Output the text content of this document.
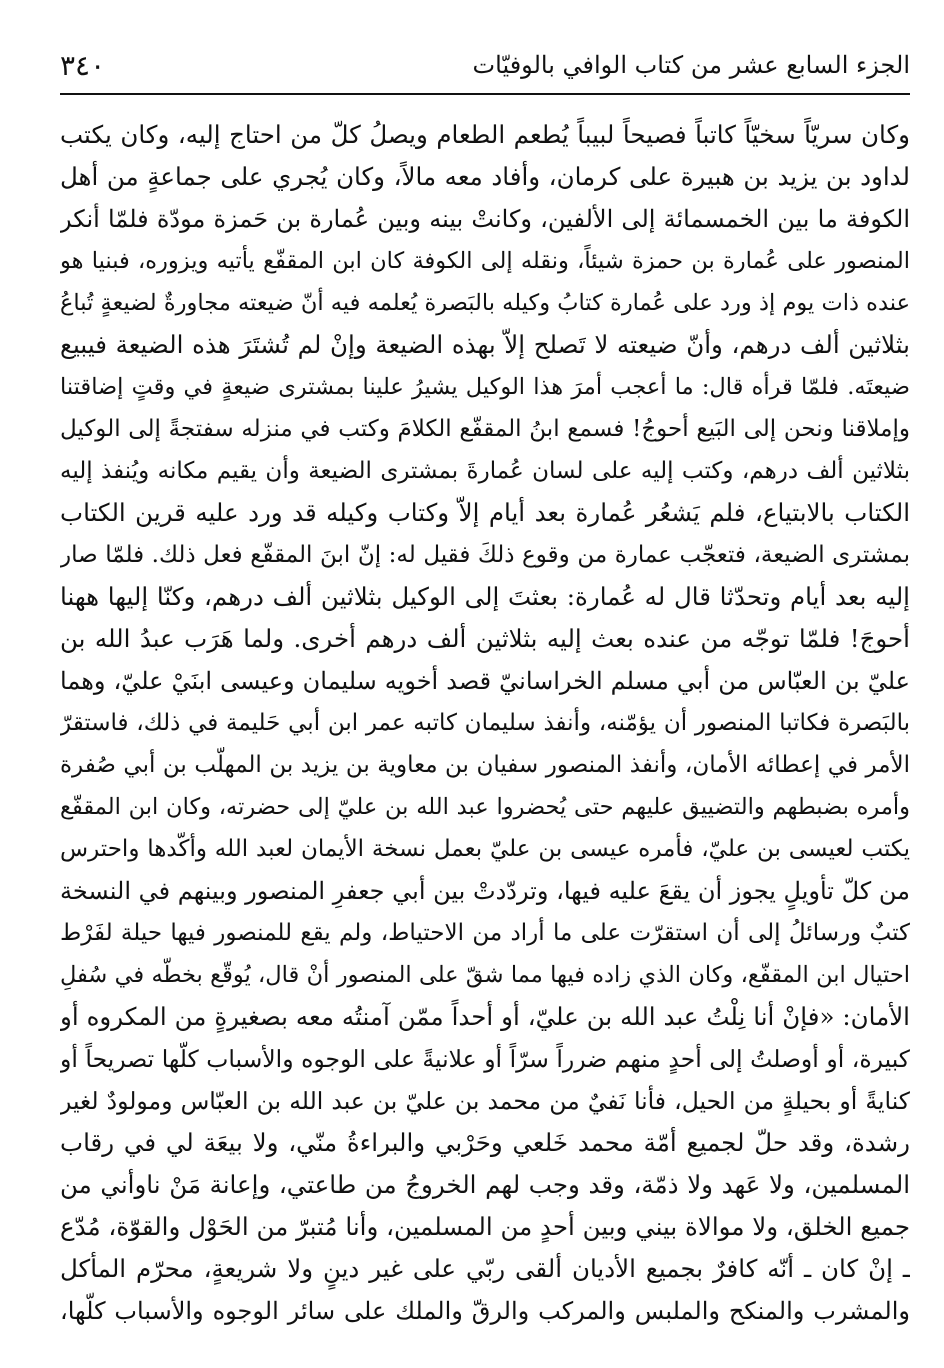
الجزء السابع عشر من كتاب الوافي بالوفيّات
٣٤٠
وكان سريّاً سخيّاً كاتباً فصيحاً لبيباً يُطعم الطعام ويصلُ كلّ من احتاج إليه، وكان يكتب
لداود بن يزيد بن هبيرة على كرمان، وأفاد معه مالاً، وكان يُجري على جماعةٍ من أهل
الكوفة ما بين الخمسمائة إلى الألفين، وكانتْ بينه وبين عُمارة بن حَمزة مودّة فلمّا أنكر
المنصور على عُمارة بن حمزة شيئاً، ونقله إلى الكوفة كان ابن المقفّع يأتيه ويزوره، فبنيا هو
عنده ذات يوم إذ ورد على عُمارة كتابُ وكيله بالبَصرة يُعلمه فيه أنّ ضيعته مجاورةٌ لضيعةٍ تُباعُ
بثلاثين ألف درهم، وأنّ ضيعته لا تَصلح إلاّ بهذه الضيعة وإنْ لم تُشتَرَ هذه الضيعة فيبيع
ضيعتَه. فلمّا قرأه قال: ما أعجب أمرَ هذا الوكيل يشيرُ علينا بمشترى ضيعةٍ في وقتٍ إضاقتنا
وإملاقنا ونحن إلى البَيع أحوجُ! فسمع ابنُ المقفّع الكلامَ وكتب في منزله سفتجةً إلى الوكيل
بثلاثين ألف درهم، وكتب إليه على لسان عُمارةَ بمشترى الضيعة وأن يقيم مكانه ويُنفذ إليه
الكتاب بالابتياع، فلم يَشعُر عُمارة بعد أيام إلاّ وكتاب وكيله قد ورد عليه قرين الكتاب
بمشترى الضيعة، فتعجّب عمارة من وقوع ذلكَ فقيل له: إنّ ابنَ المقفّع فعل ذلك. فلمّا صار
إليه بعد أيام وتحدّثا قال له عُمارة: بعثتَ إلى الوكيل بثلاثين ألف درهم، وكنّا إليها ههنا
أحوجَ! فلمّا توجّه من عنده بعث إليه بثلاثين ألف درهم أخرى. ولما هَرَب عبدُ الله بن
عليّ بن العبّاس من أبي مسلم الخراسانيّ قصد أخويه سليمان وعيسى ابنَيْ عليّ، وهما
بالبَصرة فكاتبا المنصور أن يؤمّنه، وأنفذ سليمان كاتبه عمر ابن أبي حَليمة في ذلك، فاستقرّ
الأمر في إعطائه الأمان، وأنفذ المنصور سفيان بن معاوية بن يزيد بن المهلّب بن أبي صُفرة
وأمره بضبطهم والتضييق عليهم حتى يُحضروا عبد الله بن عليّ إلى حضرته، وكان ابن المقفّع
يكتب لعيسى بن عليّ، فأمره عيسى بن عليّ بعمل نسخة الأيمان لعبد الله وأكّدها واحترس
من كلّ تأويلٍ يجوز أن يقعَ عليه فيها، وتردّدتْ بين أبي جعفرِ المنصور وبينهم في النسخة
كتبٌ ورسائلُ إلى أن استقرّت على ما أراد من الاحتياط، ولم يقع للمنصور فيها حيلة لفَرْط
احتيال ابن المقفّع، وكان الذي زاده فيها مما شقّ على المنصور أنْ قال، يُوقّع بخطّه في سُفلِ
الأمان: «فإنْ أنا نِلْتُ عبد الله بن عليّ، أو أحداً ممّن آمنتُه معه بصغيرةٍ من المكروه أو
كبيرة، أو أوصلتُ إلى أحدٍ منهم ضرراً سرّاً أو علانيةً على الوجوه والأسباب كلّها تصريحاً أو
كنايةً أو بحيلةٍ من الحيل، فأنا نَفيٌ من محمد بن عليّ بن عبد الله بن العبّاس ومولودٌ لغير
رشدة، وقد حلّ لجميع أمّة محمد خَلعي وحَرْبي والبراءةُ منّي، ولا بيعَة لي في رقاب
المسلمين، ولا عَهد ولا ذمّة، وقد وجب لهم الخروجُ من طاعتي، وإعانة مَنْ ناوأني من
جميع الخلق، ولا موالاة بيني وبين أحدٍ من المسلمين، وأنا مُتبرّ من الحَوْل والقوّة، مُدّع
ـ إنْ كان ـ أنّه كافرٌ بجميع الأديان ألقى ربّي على غير دينٍ ولا شريعةٍ، محرّم المأكل
والمشرب والمنكح والملبس والمركب والرقّ والملك على سائر الوجوه والأسباب كلّها،
